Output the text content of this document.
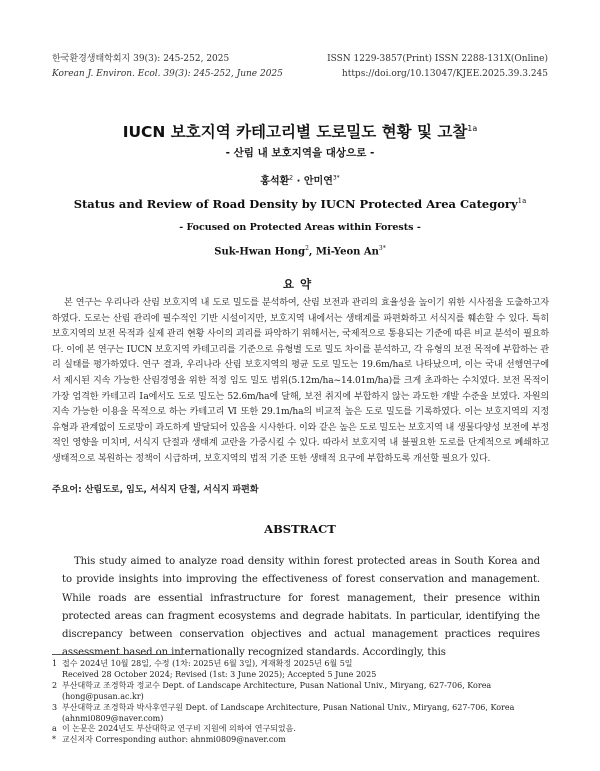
한국환경생태학회지 39(3): 245-252, 2025
Korean J. Environ. Ecol. 39(3): 245-252, June 2025
ISSN 1229-3857(Print) ISSN 2288-131X(Online)
https://doi.org/10.13047/KJEE.2025.39.3.245
IUCN 보호지역 카테고리별 도로밀도 현황 및 고찰$^{1a}$
- 산림 내 보호지역을 대상으로 -
홍석환$^2$ · 안미연$^{3*}$
Status and Review of Road Density by IUCN Protected Area Category$^{1a}$
- Focused on Protected Areas within Forests -
Suk-Hwan Hong$^2$, Mi-Yeon $An^{3*}$
요약
본 연구는 우리나라 산림 보호지역 내 도로 밀도를 분석하여, 산림 보전과 관리의 효율성을 높이기 위한 시사점을 도출하고자 하였다. 도로는 산림 관리에 필수적인 기반 시설이지만, 보호지역 내에서는 생태계를 파편화하고 서식지를 훼손할 수 있다. 특히 보호지역의 보전 목적과 실제 관리 현황 사이의 괴리를 파악하기 위해서는, 국제적으로 통용되는 기준에 따른 비교 분석이 필요하다. 이에 본 연구는 IUCN 보호지역 카테고리를 기준으로 유형별 도로 밀도 차이를 분석하고, 각 유형의 보전 목적에 부합하는 관리 실태를 평가하였다. 연구 결과, 우리나라 산림 보호지역의 평균 도로 밀도는 19.6m/ha로 나타났으며, 이는 국내 선행연구에서 제시된 지속 가능한 산림경영을 위한 적정 임도 밀도 범위(5.12m/ha~14.01m/ha)를 크게 초과하는 수치였다. 보전 목적이 가장 엄격한 카테고리 Ⅰa에서도 도로 밀도는 52.6m/ha에 달해, 보전 취지에 부합하지 않는 과도한 개발 수준을 보였다. 자원의 지속 가능한 이용을 목적으로 하는 카테고리 Ⅵ 또한 29.1m/ha의 비교적 높은 도로 밀도를 기록하였다. 이는 보호지역의 지정 유형과 관계없이 도로망이 과도하게 발달되어 있음을 시사한다. 이와 같은 높은 도로 밀도는 보호지역 내 생물다양성 보전에 부정적인 영향을 미치며, 서식지 단절과 생태계 교란을 가중시킬 수 있다. 따라서 보호지역 내 불필요한 도로를 단계적으로 폐쇄하고 생태적으로 복원하는 정책이 시급하며, 보호지역의 법적 기준 또한 생태적 요구에 부합하도록 개선할 필요가 있다.
주요어: 산림도로, 임도, 서식지 단절, 서식지 파편화
ABSTRACT
This study aimed to analyze road density within forest protected areas in South Korea and to provide insights into improving the effectiveness of forest conservation and management. While roads are essential infrastructure for forest management, their presence within protected areas can fragment ecosystems and degrade habitats. In particular, identifying the discrepancy between conservation objectives and actual management practices requires assessment based on internationally recognized standards. Accordingly, this
1 접수 2024년 10월 28일, 수정 (1차: 2025년 6월 3일), 게재확정 2025년 6월 5일
Received 28 October 2024; Revised (1st: 3 June 2025); Accepted 5 June 2025
2 부산대학교 조경학과 정교수 Dept. of Landscape Architecture, Pusan National Univ., Miryang, 627-706, Korea (hong@pusan.ac.kr)
3 부산대학교 조경학과 박사후연구원 Dept. of Landscape Architecture, Pusan National Univ., Miryang, 627-706, Korea (ahnmi0809@naver.com)
a 이 논문은 2024년도 부산대학교 연구비 지원에 의하여 연구되었음.
* 교신저자 Corresponding author: ahnmi0809@naver.com
